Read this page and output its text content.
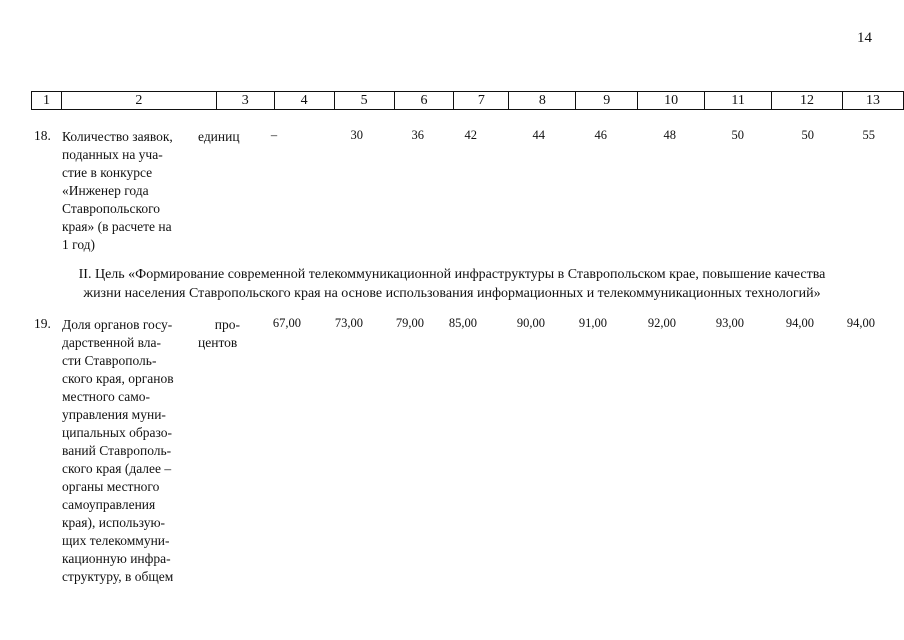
14
1	2	3	4	5	6	7	8	9	10	11	12	13
18. Количество заявок,
поданных на уча-
стие в конкурсе
«Инженер года
Ставропольского
края» (в расчете на
1 год)
единиц	–	30	36	42	44	46	48	50	50	55
II. Цель «Формирование современной телекоммуникационной инфраструктуры в Ставропольском крае, повышение качества
жизни населения Ставропольского края на основе использования информационных и телекоммуникационных технологий»
19. Доля органов госу-
дарственной вла-
сти Ставрополь-
ского края, органов
местного само-
управления муни-
ципальных образо-
ваний Ставрополь-
ского края (далее –
органы местного
самоуправления
края), использую-
щих телекоммуни-
кационную инфра-
структуру, в общем
про-
центов
67,00	73,00	79,00	85,00	90,00	91,00	92,00	93,00	94,00	94,00
